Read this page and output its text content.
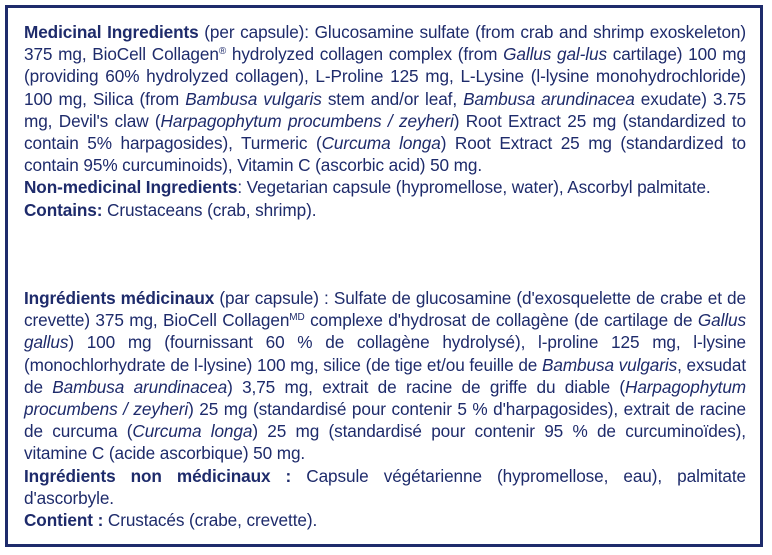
Medicinal Ingredients (per capsule): Glucosamine sulfate (from crab and shrimp exoskeleton) 375 mg, BioCell Collagen® hydrolyzed collagen complex (from Gallus gal-lus cartilage) 100 mg (providing 60% hydrolyzed collagen), L-Proline 125 mg, L-Lysine (l-lysine monohydrochloride) 100 mg, Silica (from Bambusa vulgaris stem and/or leaf, Bambusa arundinacea exudate) 3.75 mg, Devil's claw (Harpagophytum procumbens / zeyheri) Root Extract 25 mg (standardized to contain 5% harpagosides), Turmeric (Curcuma longa) Root Extract 25 mg (standardized to contain 95% curcuminoids), Vitamin C (ascorbic acid) 50 mg.

Non-medicinal Ingredients: Vegetarian capsule (hypromellose, water), Ascorbyl palmitate.

Contains: Crustaceans (crab, shrimp).

Ingrédients médicinaux (par capsule) : Sulfate de glucosamine (d'exosquelette de crabe et de crevette) 375 mg, BioCell Collagen$^{MD}$ complexe d'hydrosat de collagène (de cartilage de Gallus gallus) 100 mg (fournissant 60 % de collagène hydrolysé), l-proline 125 mg, l-lysine (monochlorhydrate de l-lysine) 100 mg, silice (de tige et/ou feuille de Bambusa vulgaris, exsudat de Bambusa arundinacea) 3,75 mg, extrait de racine de griffe du diable (Harpagophytum procumbens / zeyheri) 25 mg (standardisé pour contenir 5 % d'harpagosides), extrait de racine de curcuma (Curcuma longa) 25 mg (standardisé pour contenir 95 % de curcuminoïdes), vitamine C (acide ascorbique) 50 mg.

Ingrédients non médicinaux : Capsule végétarienne (hypromellose, eau), palmitate d'ascorbyle.

Contient : Crustacés (crabe, crevette).
